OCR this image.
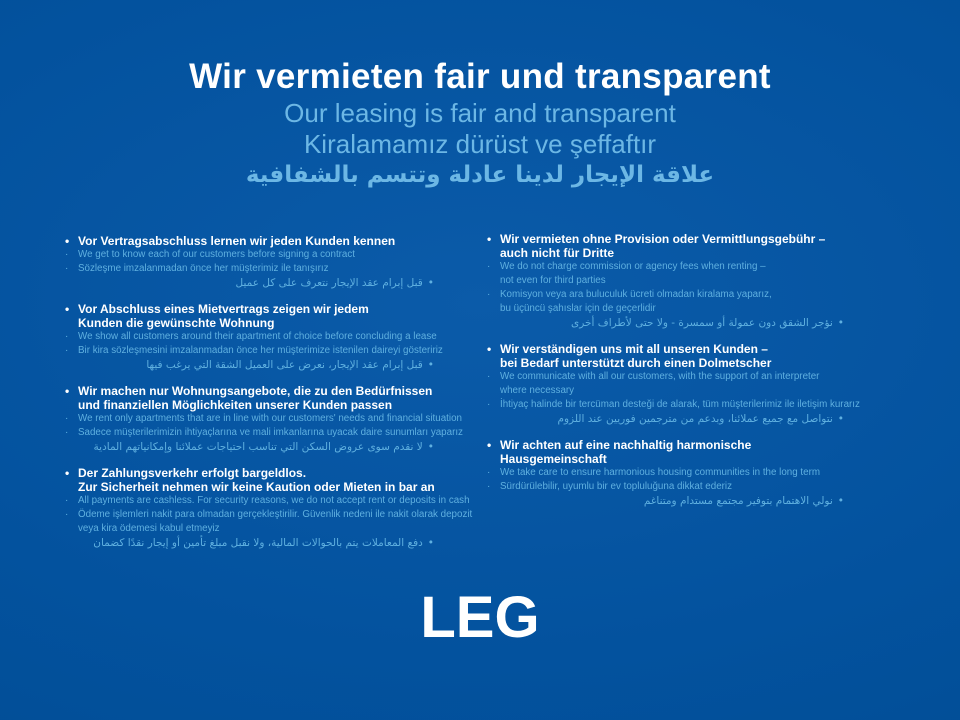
Wir vermieten fair und transparent
Our leasing is fair and transparent
Kiralamamız dürüst ve şeffaftır
علاقة الإيجار لدينا عادلة وتتسم بالشفافية
• Vor Vertragsabschluss lernen wir jeden Kunden kennen
· We get to know each of our customers before signing a contract
· Sözleşme imzalanmadan önce her müşterimiz ile tanışırız
•قبل إبرام عقد الإيجار نتعرف على كل عميل
• Vor Abschluss eines Mietvertrags zeigen wir jedem
Kunden die gewünschte Wohnung
· We show all customers around their apartment of choice before concluding a lease
· Bir kira sözleşmesini imzalanmadan önce her müşterimize istenilen daireyi gösteririz
•قبل إبرام عقد الإيجار، نعرض على العميل الشقة التي يرغب فيها
• Wir machen nur Wohnungsangebote, die zu den Bedürfnissen
und finanziellen Möglichkeiten unserer Kunden passen
· We rent only apartments that are in line with our customers' needs and financial situation
· Sadece müşterilerimizin ihtiyaçlarına ve mali imkanlarına uyacak daire sunumları yaparız
•لا نقدم سوى عروض السكن التي تناسب احتياجات عملائنا وإمكانياتهم المادية
• Der Zahlungsverkehr erfolgt bargeldlos.
Zur Sicherheit nehmen wir keine Kaution oder Mieten in bar an
· All payments are cashless. For security reasons, we do not accept rent or deposits in cash
· Ödeme işlemleri nakit para olmadan gerçekleştirilir. Güvenlik nedeni ile nakit olarak depozit
veya kira ödemesi kabul etmeyiz
•دفع المعاملات يتم بالحوالات المالية، ولا نقبل مبلغ تأمين أو إيجار نقدًا كضمان
• Wir vermieten ohne Provision oder Vermittlungsgebühr –
auch nicht für Dritte
· We do not charge commission or agency fees when renting –
not even for third parties
· Komisyon veya ara buluculuk ücreti olmadan kiralama yaparız,
bu üçüncü şahıslar için de geçerlidir
•نؤجر الشقق دون عمولة أو سمسرة - ولا حتى لأطراف أخرى
• Wir verständigen uns mit all unseren Kunden –
bei Bedarf unterstützt durch einen Dolmetscher
· We communicate with all our customers, with the support of an interpreter
where necessary
· İhtiyaç halinde bir tercüman desteği de alarak, tüm müşterilerimiz ile iletişim kurarız
•نتواصل مع جميع عملائنا، وبدعم من مترجمين فوريين عند اللزوم
• Wir achten auf eine nachhaltig harmonische
Hausgemeinschaft
· We take care to ensure harmonious housing communities in the long term
· Sürdürülebilir, uyumlu bir ev topluluğuna dikkat ederiz
•نولي الاهتمام بتوفير مجتمع مستدام ومتناغم
LEG
